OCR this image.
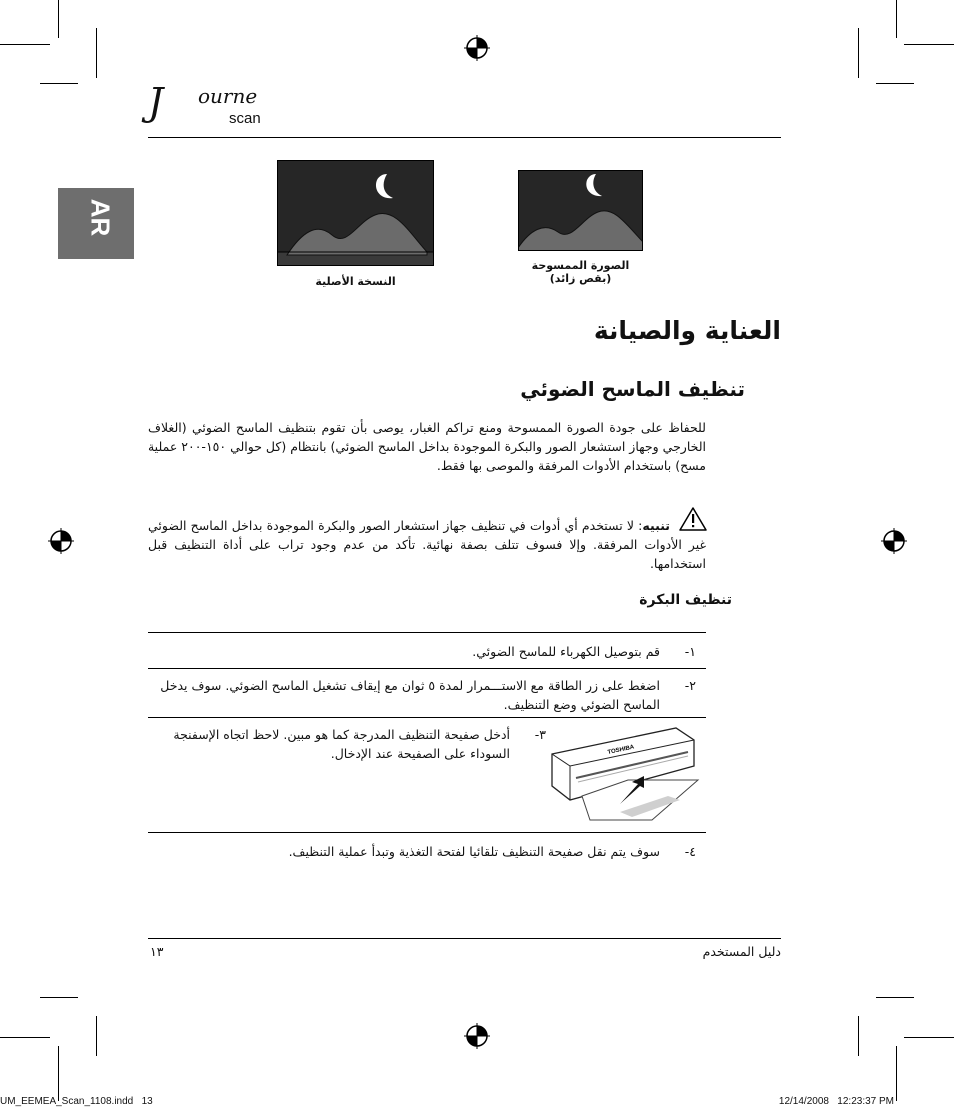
J ourne
scan
AR
النسخة الأصلية
الصورة الممسوحة
(بقص زائد)
العناية والصيانة
تنظيف الماسح الضوئي
للحفاظ على جودة الصورة الممسوحة ومنع تراكم الغبار، يوصى بأن تقوم بتنظيف الماسح الضوئي (الغلاف الخارجي وجهاز استشعار الصور والبكرة الموجودة بداخل الماسح الضوئي) بانتظام (كل حوالي ١٥٠-٢٠٠ عملية مسح) باستخدام الأدوات المرفقة والموصى بها فقط.
تنبيه: لا تستخدم أي أدوات في تنظيف جهاز استشعار الصور والبكرة الموجودة بداخل الماسح الضوئي غير الأدوات المرفقة. وإلا فسوف تتلف بصفة نهائية. تأكد من عدم وجود تراب على أداة التنظيف قبل استخدامها.
تنظيف البكرة
١-
قم بتوصيل الكهرباء للماسح الضوئي.
٢-
اضغط على زر الطاقة مع الاستـــمرار لمدة ٥ ثوان مع إيقاف تشغيل الماسح الضوئي. سوف يدخل الماسح الضوئي وضع التنظيف.
٣-
أدخل صفيحة التنظيف المدرجة كما هو مبين. لاحظ اتجاه الإسفنجة السوداء على الصفيحة عند الإدخال.	TOSHIBA
٤-
سوف يتم نقل صفيحة التنظيف تلقائيا لفتحة التغذية وتبدأ عملية التنظيف.
١٣	دليل المستخدم
UM_EEMEA_Scan_1108.indd   13	12/14/2008   12:23:37 PM
